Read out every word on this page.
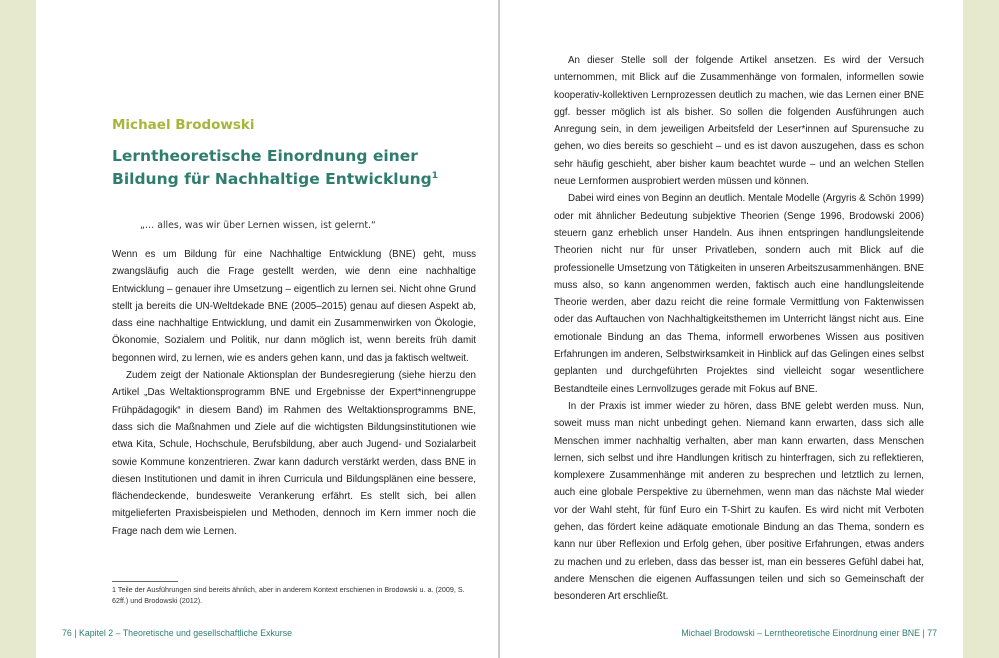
Michael Brodowski
Lerntheoretische Einordnung einer Bildung für Nachhaltige Entwicklung$^1$
„… alles, was wir über Lernen wissen, ist gelernt.“

Wenn es um Bildung für eine Nachhaltige Entwicklung (BNE) geht, muss zwangsläufig auch die Frage gestellt werden, wie denn eine nachhaltige Entwicklung – genauer ihre Umsetzung – eigentlich zu lernen sei. Nicht ohne Grund stellt ja bereits die UN-Weltdekade BNE (2005–2015) genau auf diesen Aspekt ab, dass eine nachhaltige Entwicklung, und damit ein Zusammenwirken von Ökologie, Ökonomie, Sozialem und Politik, nur dann möglich ist, wenn bereits früh damit begonnen wird, zu lernen, wie es anders gehen kann, und das ja faktisch weltweit.

Zudem zeigt der Nationale Aktionsplan der Bundesregierung (siehe hierzu den Artikel „Das Weltaktionsprogramm BNE und Ergebnisse der Expert*innengruppe Frühpädagogik“ in diesem Band) im Rahmen des Weltaktionsprogramms BNE, dass sich die Maßnahmen und Ziele auf die wichtigsten Bildungsinstitutionen wie etwa Kita, Schule, Hochschule, Berufsbildung, aber auch Jugend- und Sozialarbeit sowie Kommune konzentrieren. Zwar kann dadurch verstärkt werden, dass BNE in diesen Institutionen und damit in ihren Curricula und Bildungsplänen eine bessere, flächendeckende, bundesweite Verankerung erfährt. Es stellt sich, bei allen mitgelieferten Praxisbeispielen und Methoden, dennoch im Kern immer noch die Frage nach dem wie Lernen.

1 Teile der Ausführungen sind bereits ähnlich, aber in anderem Kontext erschienen in Brodowski u. a. (2009, S. 62ff.) und Brodowski (2012).
76 | Kapitel 2 – Theoretische und gesellschaftliche Exkurse

An dieser Stelle soll der folgende Artikel ansetzen. Es wird der Versuch unternommen, mit Blick auf die Zusammenhänge von formalen, informellen sowie kooperativ-kollektiven Lernprozessen deutlich zu machen, wie das Lernen einer BNE ggf. besser möglich ist als bisher. So sollen die folgenden Ausführungen auch Anregung sein, in dem jeweiligen Arbeitsfeld der Leser*innen auf Spurensuche zu gehen, wo dies bereits so geschieht – und es ist davon auszugehen, dass es schon sehr häufig geschieht, aber bisher kaum beachtet wurde – und an welchen Stellen neue Lernformen ausprobiert werden müssen und können.

Dabei wird eines von Beginn an deutlich. Mentale Modelle (Argyris & Schön 1999) oder mit ähnlicher Bedeutung subjektive Theorien (Senge 1996, Brodowski 2006) steuern ganz erheblich unser Handeln. Aus ihnen entspringen handlungsleitende Theorien nicht nur für unser Privatleben, sondern auch mit Blick auf die professionelle Umsetzung von Tätigkeiten in unseren Arbeitszusammenhängen. BNE muss also, so kann angenommen werden, faktisch auch eine handlungsleitende Theorie werden, aber dazu reicht die reine formale Vermittlung von Faktenwissen oder das Auftauchen von Nachhaltigkeitsthemen im Unterricht längst nicht aus. Eine emotionale Bindung an das Thema, informell erworbenes Wissen aus positiven Erfahrungen im anderen, Selbstwirksamkeit in Hinblick auf das Gelingen eines selbst geplanten und durchgeführten Projektes sind vielleicht sogar wesentlichere Bestandteile eines Lernvollzuges gerade mit Fokus auf BNE.

In der Praxis ist immer wieder zu hören, dass BNE gelebt werden muss. Nun, soweit muss man nicht unbedingt gehen. Niemand kann erwarten, dass sich alle Menschen immer nachhaltig verhalten, aber man kann erwarten, dass Menschen lernen, sich selbst und ihre Handlungen kritisch zu hinterfragen, sich zu reflektieren, komplexere Zusammenhänge mit anderen zu besprechen und letztlich zu lernen, auch eine globale Perspektive zu übernehmen, wenn man das nächste Mal wieder vor der Wahl steht, für fünf Euro ein T-Shirt zu kaufen. Es wird nicht mit Verboten gehen, das fördert keine adäquate emotionale Bindung an das Thema, sondern es kann nur über Reflexion und Erfolg gehen, über positive Erfahrungen, etwas anders zu machen und zu erleben, dass das besser ist, man ein besseres Gefühl dabei hat, andere Menschen die eigenen Auffassungen teilen und sich so Gemeinschaft der besonderen Art erschließt.

Michael Brodowski – Lerntheoretische Einordnung einer BNE | 77
